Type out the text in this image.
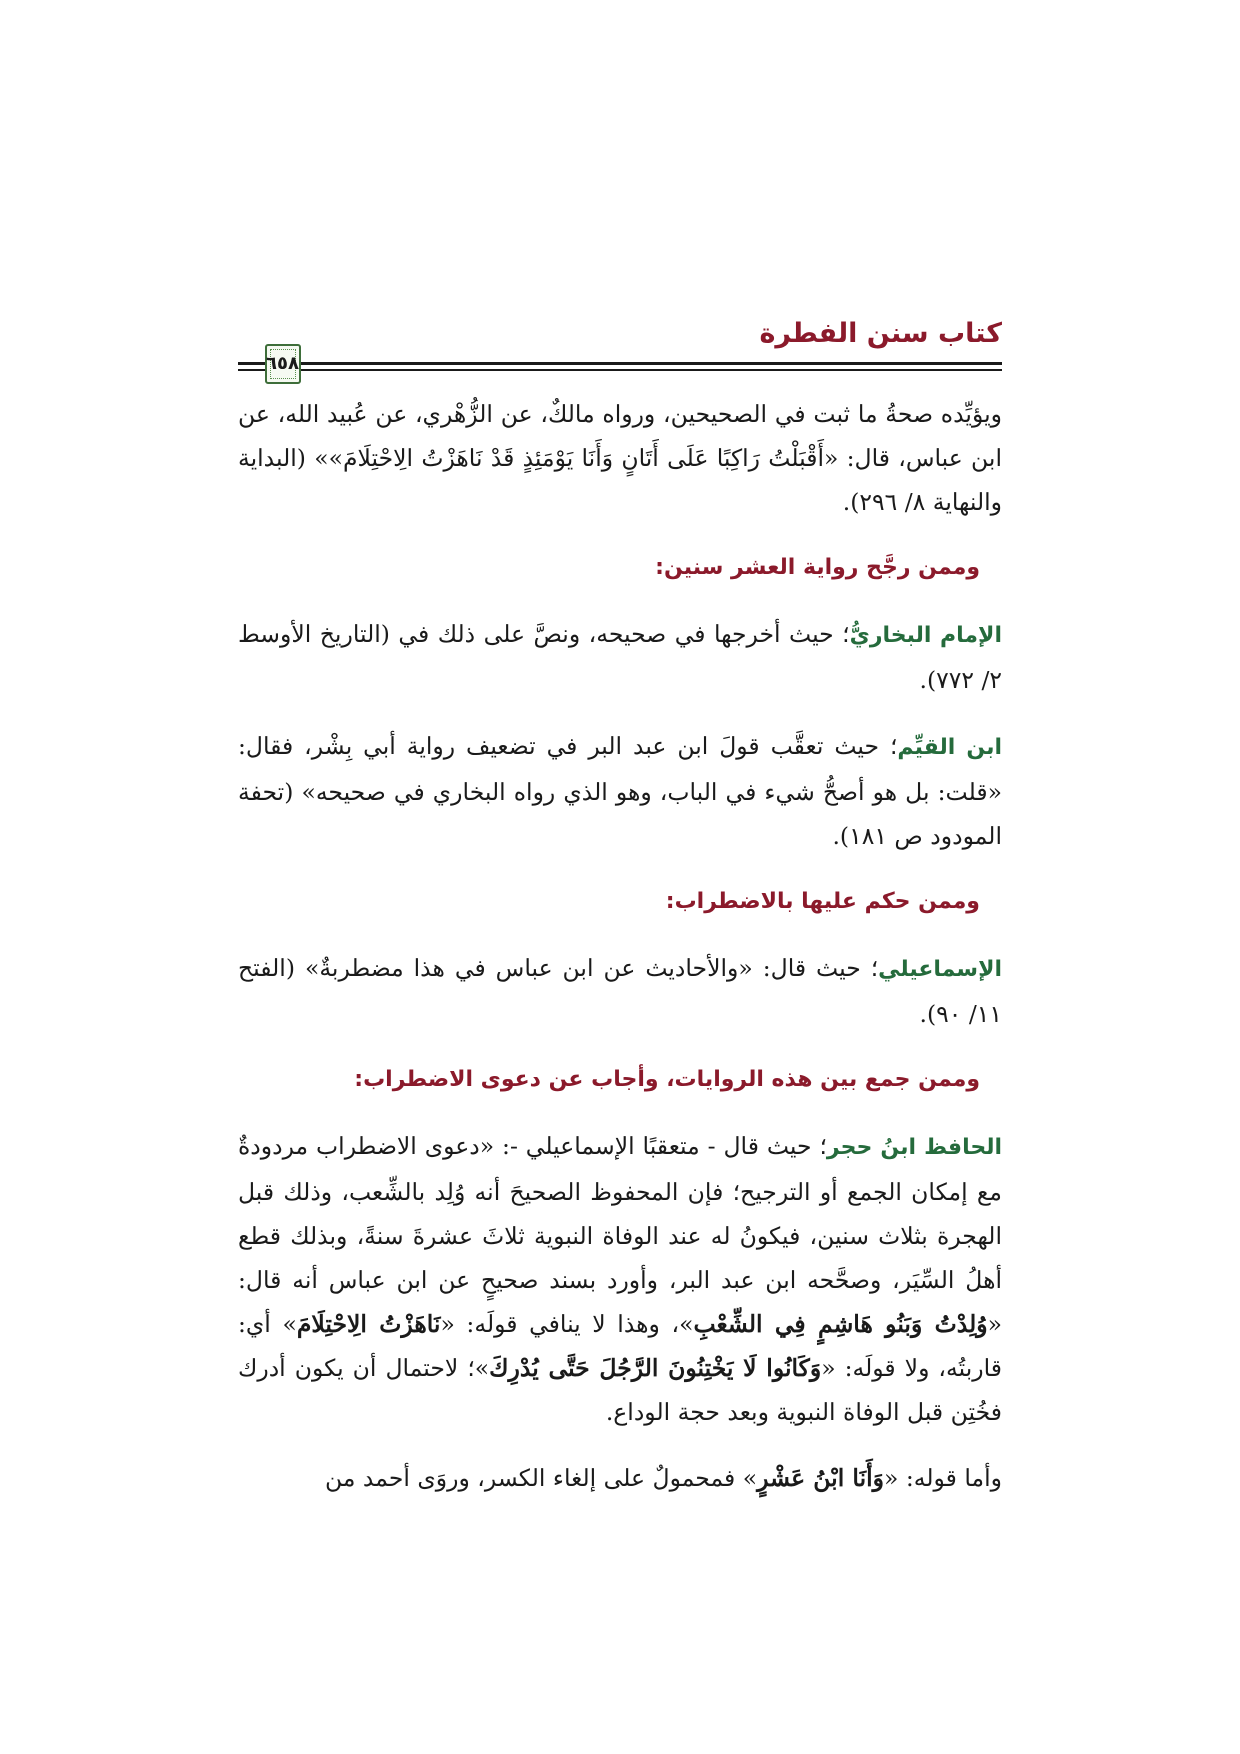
كتاب سنن الفطرة
٦٥٨

ويؤيِّده صحةُ ما ثبت في الصحيحين، ورواه مالكٌ، عن الزُّهْري، عن عُبيد الله، عن ابن عباس، قال: «أَقْبَلْتُ رَاكِبًا عَلَى أَتَانٍ وَأَنَا يَوْمَئِذٍ قَدْ نَاهَزْتُ الِاحْتِلَامَ»» (البداية والنهاية ٨/ ٢٩٦).

وممن رجَّح رواية العشر سنين:

الإمام البخاريُّ؛ حيث أخرجها في صحيحه، ونصَّ على ذلك في (التاريخ الأوسط ٢/ ٧٧٢).

ابن القيِّم؛ حيث تعقَّب قولَ ابن عبد البر في تضعيف رواية أبي بِشْر، فقال: «قلت: بل هو أصحُّ شيء في الباب، وهو الذي رواه البخاري في صحيحه» (تحفة المودود ص ١٨١).

وممن حكم عليها بالاضطراب:

الإسماعيلي؛ حيث قال: «والأحاديث عن ابن عباس في هذا مضطربةٌ» (الفتح ١١/ ٩٠).

وممن جمع بين هذه الروايات، وأجاب عن دعوى الاضطراب:

الحافظ ابنُ حجر؛ حيث قال - متعقبًا الإسماعيلي -: «دعوى الاضطراب مردودةٌ مع إمكان الجمع أو الترجيح؛ فإن المحفوظ الصحيحَ أنه وُلِد بالشِّعب، وذلك قبل الهجرة بثلاث سنين، فيكونُ له عند الوفاة النبوية ثلاثَ عشرةَ سنةً، وبذلك قطع أهلُ السِّيَر، وصحَّحه ابن عبد البر، وأورد بسند صحيحٍ عن ابن عباس أنه قال: «وُلِدْتُ وَبَنُو هَاشِمٍ فِي الشِّعْبِ»، وهذا لا ينافي قولَه: «نَاهَزْتُ الِاحْتِلَامَ» أي: قاربتُه، ولا قولَه: «وَكَانُوا لَا يَخْتِنُونَ الرَّجُلَ حَتَّى يُدْرِكَ»؛ لاحتمال أن يكون أدرك فخُتِن قبل الوفاة النبوية وبعد حجة الوداع.

وأما قوله: «وَأَنَا ابْنُ عَشْرٍ» فمحمولٌ على إلغاء الكسر، وروَى أحمد من
